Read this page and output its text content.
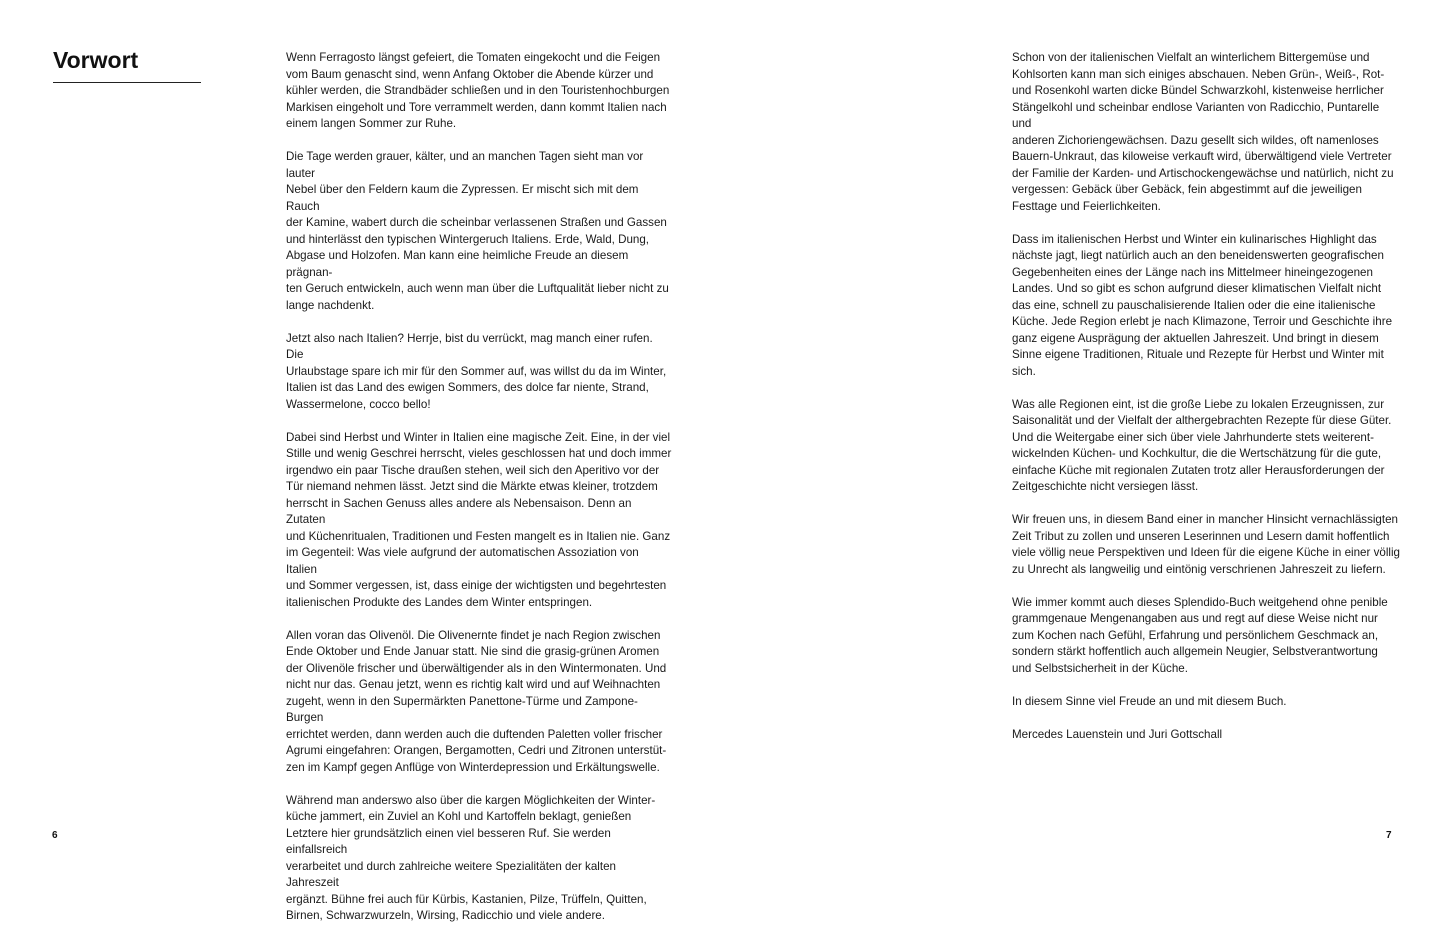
Vorwort	Wenn Ferragosto längst gefeiert, die Tomaten eingekocht und die Feigen
vom Baum genascht sind, wenn Anfang Oktober die Abende kürzer und
kühler werden, die Strandbäder schließen und in den Touristenhochburgen
Markisen eingeholt und Tore verrammelt werden, dann kommt Italien nach
einem langen Sommer zur Ruhe.

Die Tage werden grauer, kälter, und an manchen Tagen sieht man vor lauter
Nebel über den Feldern kaum die Zypressen. Er mischt sich mit dem Rauch
der Kamine, wabert durch die scheinbar verlassenen Straßen und Gassen
und hinterlässt den typischen Wintergeruch Italiens. Erde, Wald, Dung,
Abgase und Holzofen. Man kann eine heimliche Freude an diesem prägnan-
ten Geruch entwickeln, auch wenn man über die Luftqualität lieber nicht zu
lange nachdenkt.

Jetzt also nach Italien? Herrje, bist du verrückt, mag manch einer rufen. Die
Urlaubstage spare ich mir für den Sommer auf, was willst du da im Winter,
Italien ist das Land des ewigen Sommers, des dolce far niente, Strand,
Wassermelone, cocco bello!

Dabei sind Herbst und Winter in Italien eine magische Zeit. Eine, in der viel
Stille und wenig Geschrei herrscht, vieles geschlossen hat und doch immer
irgendwo ein paar Tische draußen stehen, weil sich den Aperitivo vor der
Tür niemand nehmen lässt. Jetzt sind die Märkte etwas kleiner, trotzdem
herrscht in Sachen Genuss alles andere als Nebensaison. Denn an Zutaten
und Küchenritualen, Traditionen und Festen mangelt es in Italien nie. Ganz
im Gegenteil: Was viele aufgrund der automatischen Assoziation von Italien
und Sommer vergessen, ist, dass einige der wichtigsten und begehrtesten
italienischen Produkte des Landes dem Winter entspringen.

Allen voran das Olivenöl. Die Olivenernte findet je nach Region zwischen
Ende Oktober und Ende Januar statt. Nie sind die grasig-grünen Aromen
der Olivenöle frischer und überwältigender als in den Wintermonaten. Und
nicht nur das. Genau jetzt, wenn es richtig kalt wird und auf Weihnachten
zugeht, wenn in den Supermärkten Panettone-Türme und Zampone-Burgen
errichtet werden, dann werden auch die duftenden Paletten voller frischer
Agrumi eingefahren: Orangen, Bergamotten, Cedri und Zitronen unterstüt-
zen im Kampf gegen Anflüge von Winterdepression und Erkältungswelle.

Während man anderswo also über die kargen Möglichkeiten der Winter-
küche jammert, ein Zuviel an Kohl und Kartoffeln beklagt, genießen
Letztere hier grundsätzlich einen viel besseren Ruf. Sie werden einfallsreich
verarbeitet und durch zahlreiche weitere Spezialitäten der kalten Jahreszeit
ergänzt. Bühne frei auch für Kürbis, Kastanien, Pilze, Trüffeln, Quitten,
Birnen, Schwarzwurzeln, Wirsing, Radicchio und viele andere.

Schon von der italienischen Vielfalt an winterlichem Bittergemüse und
Kohlsorten kann man sich einiges abschauen. Neben Grün-, Weiß-, Rot-
und Rosenkohl warten dicke Bündel Schwarzkohl, kistenweise herrlicher
Stängelkohl und scheinbar endlose Varianten von Radicchio, Puntarelle und
anderen Zichoriengewächsen. Dazu gesellt sich wildes, oft namenloses
Bauern-Unkraut, das kiloweise verkauft wird, überwältigend viele Vertreter
der Familie der Karden- und Artischockengewächse und natürlich, nicht zu
vergessen: Gebäck über Gebäck, fein abgestimmt auf die jeweiligen
Festtage und Feierlichkeiten.

Dass im italienischen Herbst und Winter ein kulinarisches Highlight das
nächste jagt, liegt natürlich auch an den beneidenswerten geografischen
Gegebenheiten eines der Länge nach ins Mittelmeer hineingezogenen
Landes. Und so gibt es schon aufgrund dieser klimatischen Vielfalt nicht
das eine, schnell zu pauschalisierende Italien oder die eine italienische
Küche. Jede Region erlebt je nach Klimazone, Terroir und Geschichte ihre
ganz eigene Ausprägung der aktuellen Jahreszeit. Und bringt in diesem
Sinne eigene Traditionen, Rituale und Rezepte für Herbst und Winter mit
sich.

Was alle Regionen eint, ist die große Liebe zu lokalen Erzeugnissen, zur
Saisonalität und der Vielfalt der althergebrachten Rezepte für diese Güter.
Und die Weitergabe einer sich über viele Jahrhunderte stets weiterent-
wickelnden Küchen- und Kochkultur, die die Wertschätzung für die gute,
einfache Küche mit regionalen Zutaten trotz aller Herausforderungen der
Zeitgeschichte nicht versiegen lässt.

Wir freuen uns, in diesem Band einer in mancher Hinsicht vernachlässigten
Zeit Tribut zu zollen und unseren Leserinnen und Lesern damit hoffentlich
viele völlig neue Perspektiven und Ideen für die eigene Küche in einer völlig
zu Unrecht als langweilig und eintönig verschrienen Jahreszeit zu liefern.

Wie immer kommt auch dieses Splendido-Buch weitgehend ohne penible
grammgenaue Mengenangaben aus und regt auf diese Weise nicht nur
zum Kochen nach Gefühl, Erfahrung und persönlichem Geschmack an,
sondern stärkt hoffentlich auch allgemein Neugier, Selbstverantwortung
und Selbstsicherheit in der Küche.

In diesem Sinne viel Freude an und mit diesem Buch.

Mercedes Lauenstein und Juri Gottschall

6	7
